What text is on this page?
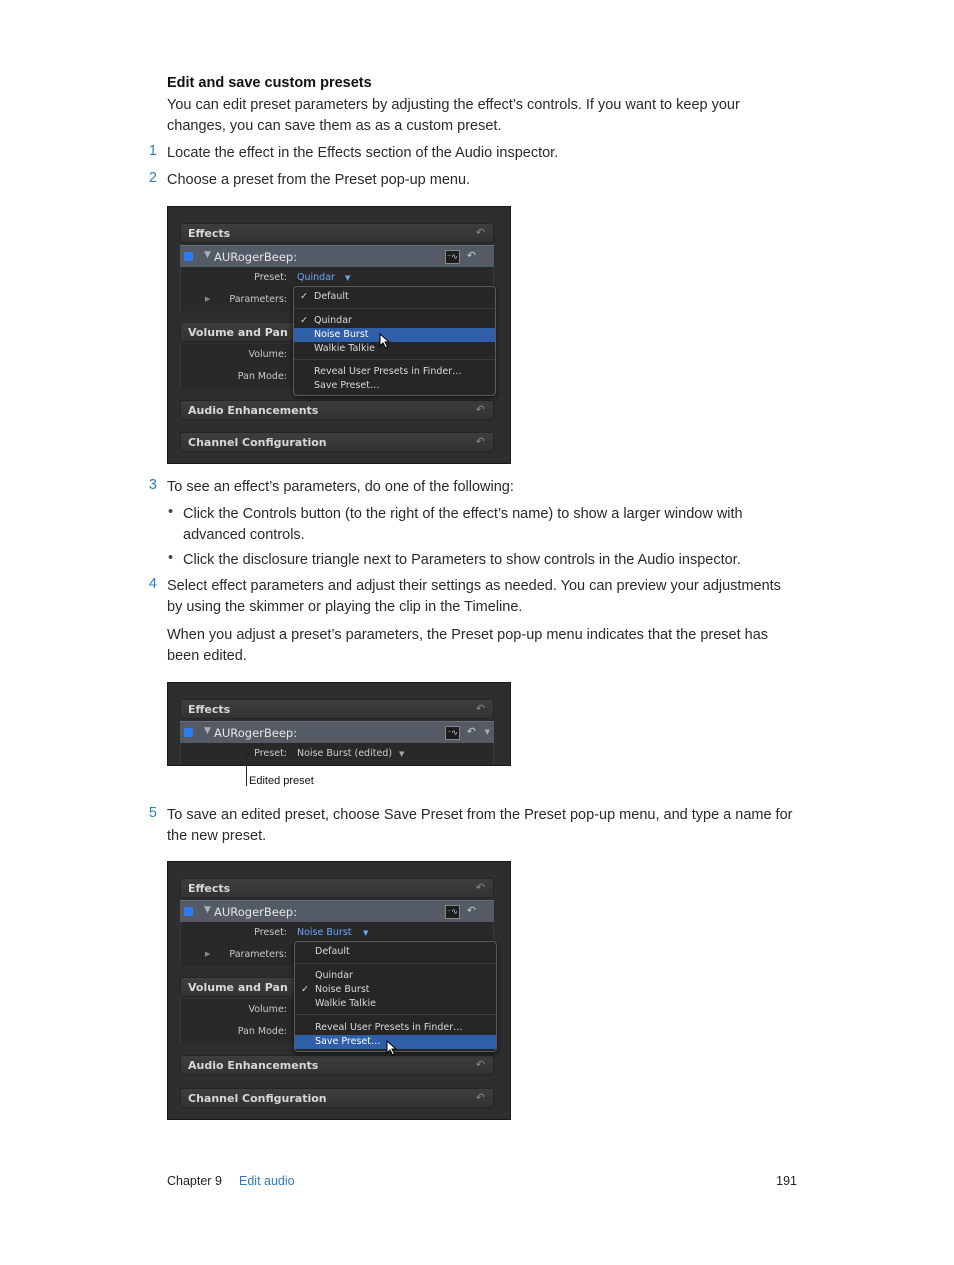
Edit and save custom presets
You can edit preset parameters by adjusting the effect’s controls. If you want to keep your changes, you can save them as as a custom preset.
1 Locate the effect in the Effects section of the Audio inspector.
2 Choose a preset from the Preset pop-up menu.
Effects	↶
▼ AURogerBeep:	⁻∿ ↶
Preset: Quindar ▼
▶	Parameters:
Volume and Pan
Volume:
Pan Mode:
Audio Enhancements	↶
Channel Configuration	↶
✓ Default
✓ Quindar
Noise Burst
Walkie Talkie
Reveal User Presets in Finder…
Save Preset…
3 To see an effect’s parameters, do one of the following:
• Click the Controls button (to the right of the effect’s name) to show a larger window with advanced controls.
• Click the disclosure triangle next to Parameters to show controls in the Audio inspector.
4 Select effect parameters and adjust their settings as needed. You can preview your adjustments by using the skimmer or playing the clip in the Timeline.
When you adjust a preset’s parameters, the Preset pop-up menu indicates that the preset has been edited.
Effects	↶
▼ AURogerBeep:	⁻∿ ↶ ▼
Preset: Noise Burst (edited) ▼
Edited preset
5 To save an edited preset, choose Save Preset from the Preset pop-up menu, and type a name for the new preset.
Effects	↶
▼ AURogerBeep:	⁻∿ ↶
Preset: Noise Burst ▼
▶	Parameters:
Volume and Pan
Volume:
Pan Mode:
Audio Enhancements	↶
Channel Configuration	↶
Default
Quindar
✓ Noise Burst
Walkie Talkie
Reveal User Presets in Finder…
Save Preset…
Chapter 9 Edit audio	191
